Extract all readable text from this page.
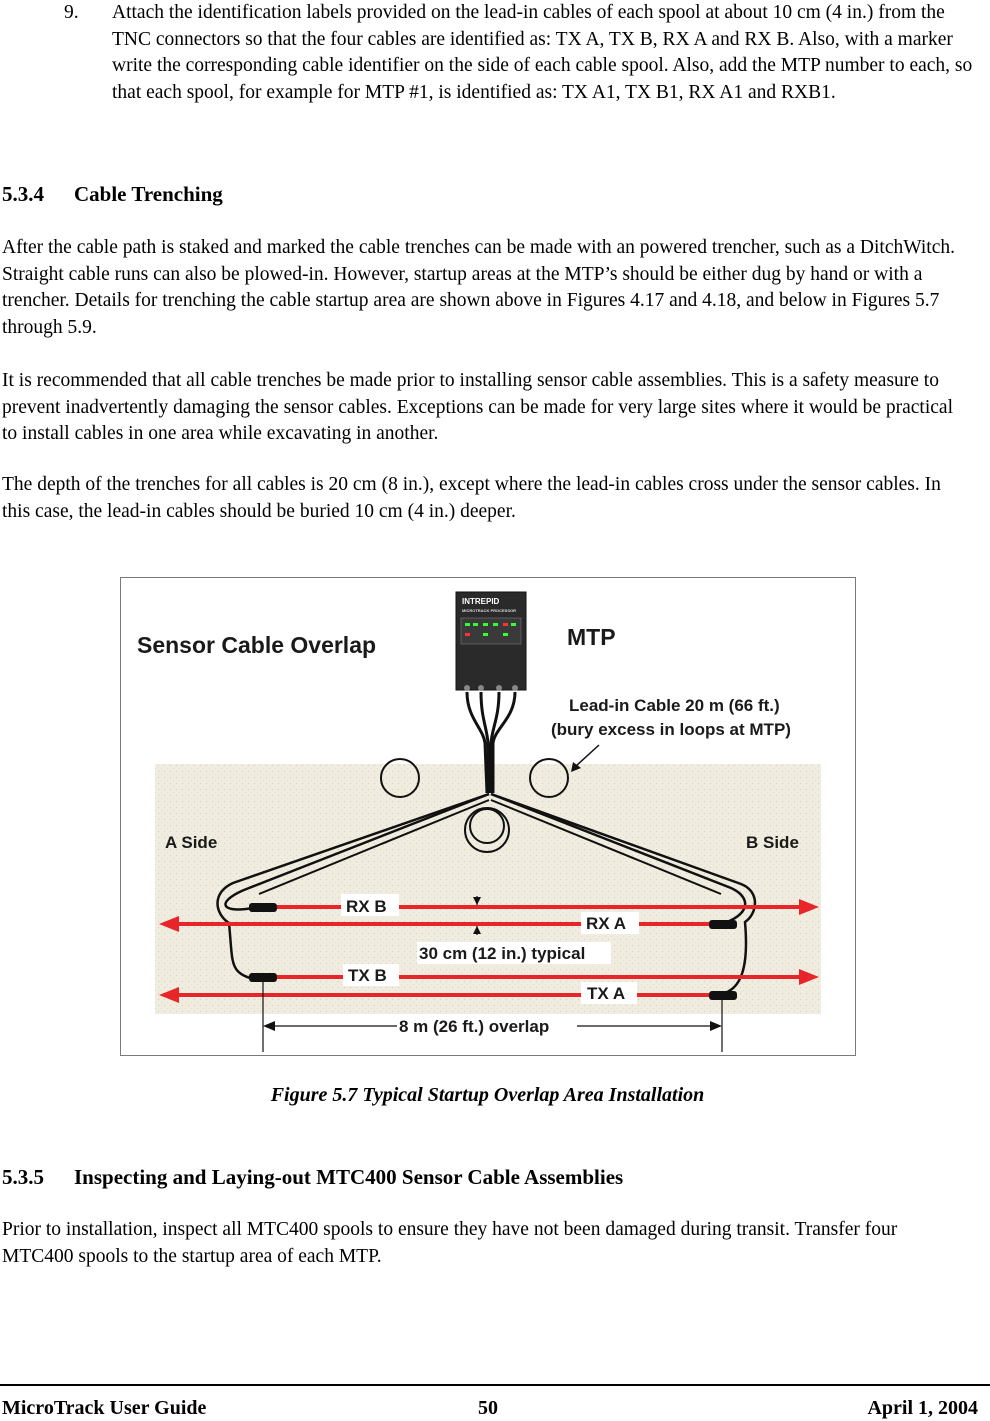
9. Attach the identification labels provided on the lead-in cables of each spool at about 10 cm (4 in.) from the TNC connectors so that the four cables are identified as: TX A, TX B, RX A and RX B. Also, with a marker write the corresponding cable identifier on the side of each cable spool. Also, add the MTP number to each, so that each spool, for example for MTP #1, is identified as: TX A1, TX B1, RX A1 and RXB1.
5.3.4 Cable Trenching

After the cable path is staked and marked the cable trenches can be made with an powered trencher, such as a DitchWitch. Straight cable runs can also be plowed-in. However, startup areas at the MTP’s should be either dug by hand or with a trencher. Details for trenching the cable startup area are shown above in Figures 4.17 and 4.18, and below in Figures 5.7 through 5.9.

It is recommended that all cable trenches be made prior to installing sensor cable assemblies. This is a safety measure to prevent inadvertently damaging the sensor cables. Exceptions can be made for very large sites where it would be practical to install cables in one area while excavating in another.

The depth of the trenches for all cables is 20 cm (8 in.), except where the lead-in cables cross under the sensor cables. In this case, the lead-in cables should be buried 10 cm (4 in.) deeper.

Sensor Cable Overlap	MTP
INTREPID
MICROTRACK PROCESSOR
Lead-in Cable 20 m (66 ft.)
(bury excess in loops at MTP)
A Side	B Side
RX B
RX A
TX B
TX A
30 cm (12 in.) typical
8 m (26 ft.) overlap
Figure 5.7 Typical Startup Overlap Area Installation
5.3.5 Inspecting and Laying-out MTC400 Sensor Cable Assemblies

Prior to installation, inspect all MTC400 spools to ensure they have not been damaged during transit. Transfer four MTC400 spools to the startup area of each MTP.

MicroTrack User Guide	50	April 1, 2004
